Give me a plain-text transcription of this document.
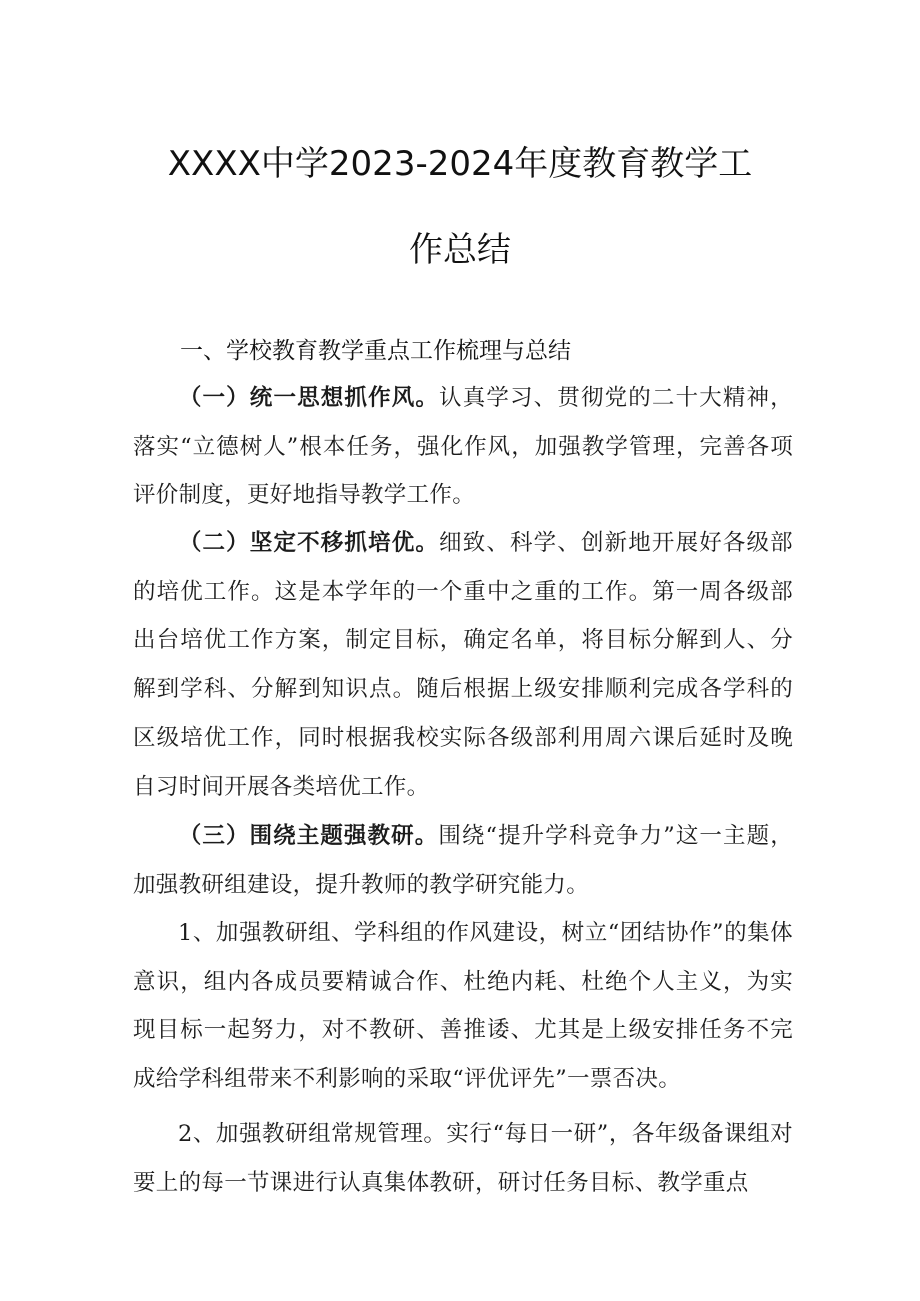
XXXX中学2023-2024年度教育教学工
作总结
一、学校教育教学重点工作梳理与总结
（一）统一思想抓作风。认真学习、贯彻党的二十大精神，落实“立德树人”根本任务，强化作风，加强教学管理，完善各项评价制度，更好地指导教学工作。
（二）坚定不移抓培优。细致、科学、创新地开展好各级部的培优工作。这是本学年的一个重中之重的工作。第一周各级部出台培优工作方案，制定目标，确定名单，将目标分解到人、分解到学科、分解到知识点。随后根据上级安排顺利完成各学科的区级培优工作，同时根据我校实际各级部利用周六课后延时及晚自习时间开展各类培优工作。
（三）围绕主题强教研。围绕“提升学科竞争力”这一主题，加强教研组建设，提升教师的教学研究能力。
1、加强教研组、学科组的作风建设，树立“团结协作”的集体意识，组内各成员要精诚合作、杜绝内耗、杜绝个人主义，为实现目标一起努力，对不教研、善推诿、尤其是上级安排任务不完成给学科组带来不利影响的采取“评优评先”一票否决。
2、加强教研组常规管理。实行“每日一研”，各年级备课组对要上的每一节课进行认真集体教研，研讨任务目标、教学重点
